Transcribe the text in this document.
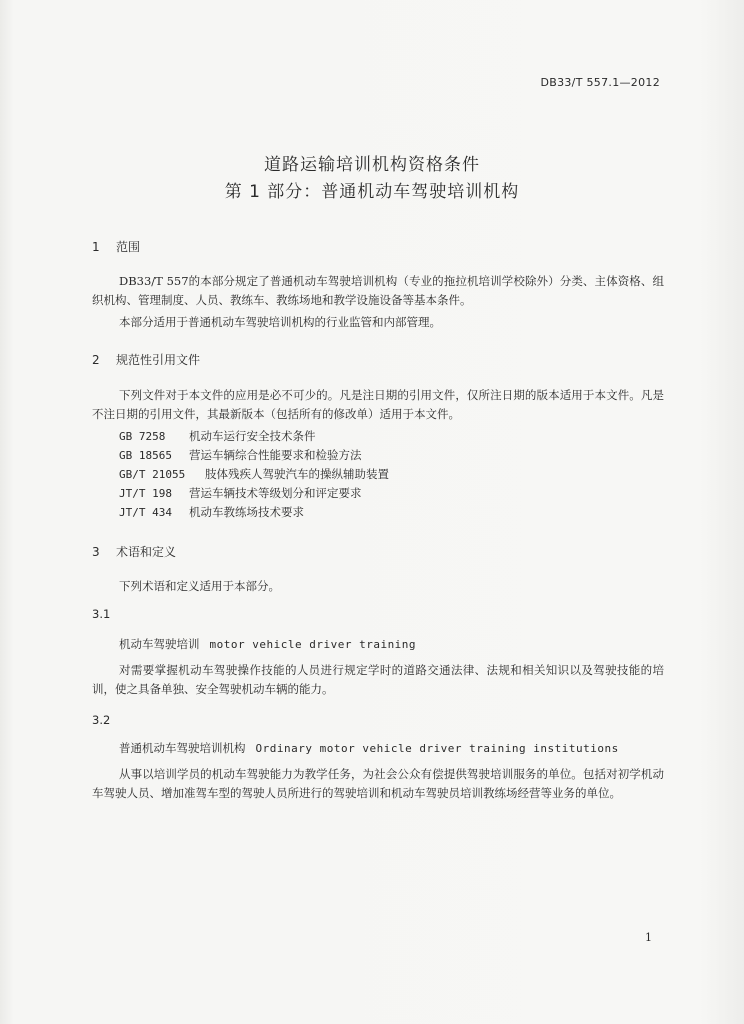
DB33/T 557.1—2012
道路运输培训机构资格条件
第 1 部分：普通机动车驾驶培训机构
1 范围

DB33/T 557的本部分规定了普通机动车驾驶培训机构（专业的拖拉机培训学校除外）分类、主体资格、组织机构、管理制度、人员、教练车、教练场地和教学设施设备等基本条件。

本部分适用于普通机动车驾驶培训机构的行业监管和内部管理。

2 规范性引用文件

下列文件对于本文件的应用是必不可少的。凡是注日期的引用文件，仅所注日期的版本适用于本文件。凡是不注日期的引用文件，其最新版本（包括所有的修改单）适用于本文件。

GB 7258 机动车运行安全技术条件
GB 18565 营运车辆综合性能要求和检验方法
GB/T 21055 肢体残疾人驾驶汽车的操纵辅助装置
JT/T 198 营运车辆技术等级划分和评定要求
JT/T 434 机动车教练场技术要求
3 术语和定义

下列术语和定义适用于本部分。

3.1
机动车驾驶培训 motor vehicle driver training

对需要掌握机动车驾驶操作技能的人员进行规定学时的道路交通法律、法规和相关知识以及驾驶技能的培训，使之具备单独、安全驾驶机动车辆的能力。

3.2
普通机动车驾驶培训机构 Ordinary motor vehicle driver training institutions

从事以培训学员的机动车驾驶能力为教学任务，为社会公众有偿提供驾驶培训服务的单位。包括对初学机动车驾驶人员、增加准驾车型的驾驶人员所进行的驾驶培训和机动车驾驶员培训教练场经营等业务的单位。

1
